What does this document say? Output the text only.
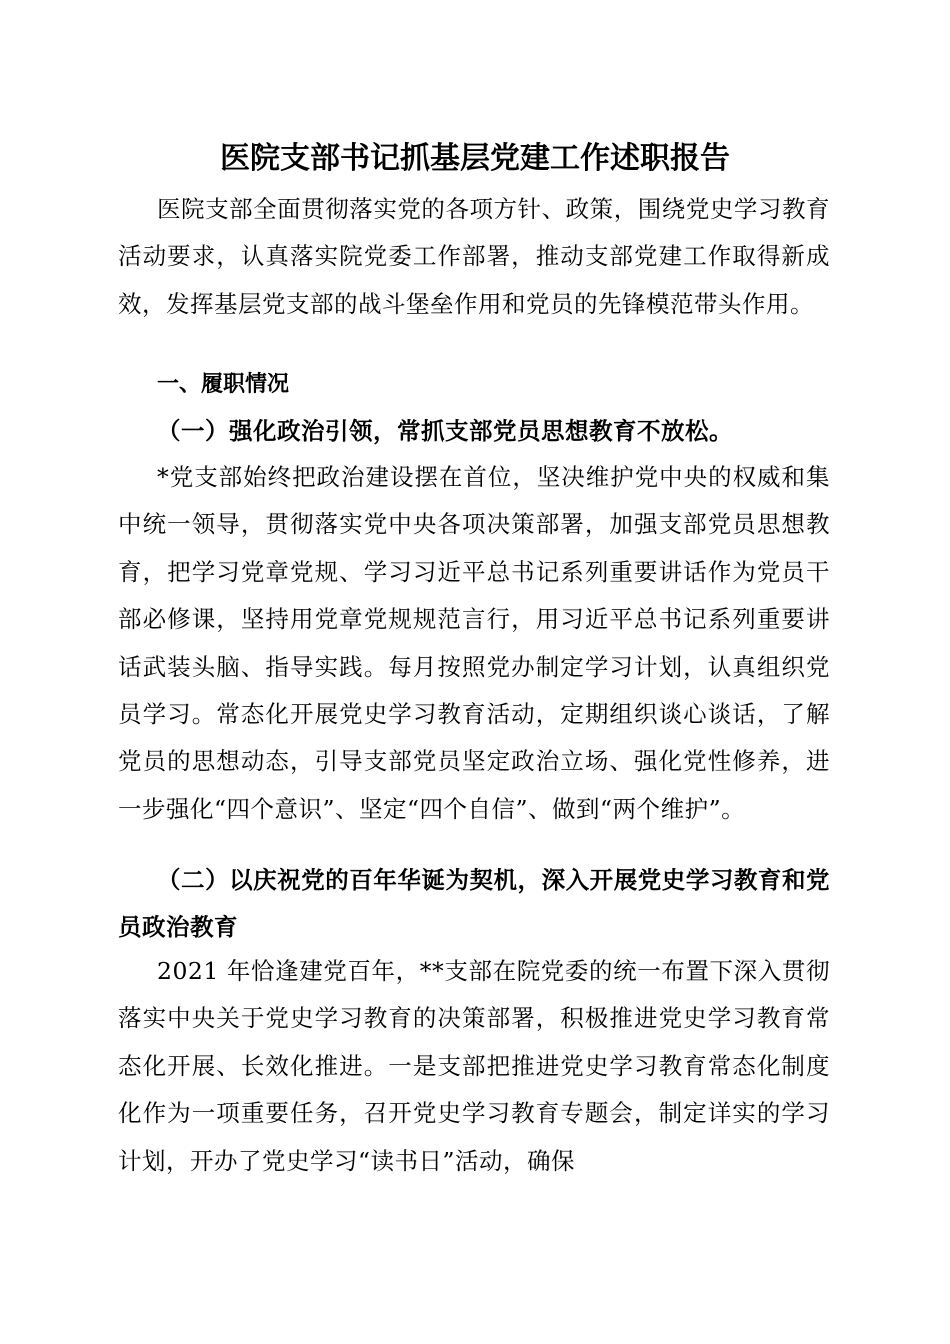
医院支部书记抓基层党建工作述职报告
医院支部全面贯彻落实党的各项方针、政策，围绕党史学习教育活动要求，认真落实院党委工作部署，推动支部党建工作取得新成效，发挥基层党支部的战斗堡垒作用和党员的先锋模范带头作用。
一、履职情况
（一）强化政治引领，常抓支部党员思想教育不放松。
*党支部始终把政治建设摆在首位，坚决维护党中央的权威和集中统一领导，贯彻落实党中央各项决策部署，加强支部党员思想教育，把学习党章党规、学习习近平总书记系列重要讲话作为党员干部必修课，坚持用党章党规规范言行，用习近平总书记系列重要讲话武装头脑、指导实践。每月按照党办制定学习计划，认真组织党员学习。常态化开展党史学习教育活动，定期组织谈心谈话，了解党员的思想动态，引导支部党员坚定政治立场、强化党性修养，进一步强化“四个意识”、坚定“四个自信”、做到“两个维护”。
（二）以庆祝党的百年华诞为契机，深入开展党史学习教育和党员政治教育
2021 年恰逢建党百年，**支部在院党委的统一布置下深入贯彻落实中央关于党史学习教育的决策部署，积极推进党史学习教育常态化开展、长效化推进。一是支部把推进党史学习教育常态化制度化作为一项重要任务，召开党史学习教育专题会，制定详实的学习计划，开办了党史学习“读书日”活动，确保
